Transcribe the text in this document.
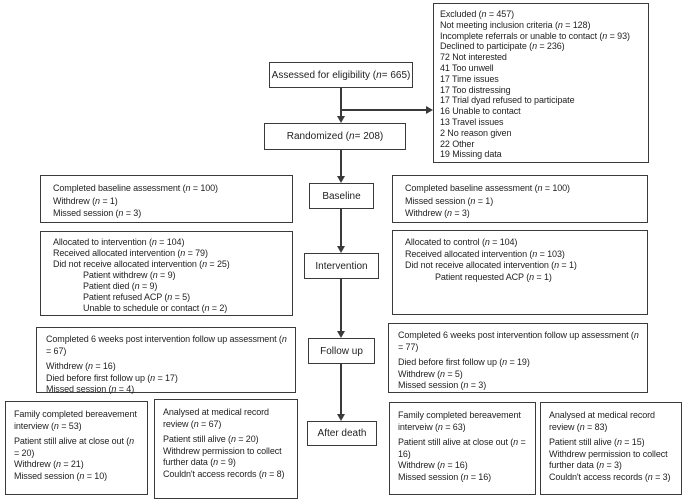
Assessed for eligibility ( n = 665)
Randomized ( n = 208)
Baseline
Intervention
Follow up
After death
Excluded (n = 457)
Not meeting inclusion criteria (n = 128)
Incomplete referrals or unable to contact (n = 93)
Declined to participate (n = 236)
72 Not interested
41 Too unwell
17 Time issues
17 Too distressing
17 Trial dyad refused to participate
16 Unable to contact
13 Travel issues
2 No reason given
22 Other
19 Missing data
Completed baseline assessment (n = 100)
Withdrew (n = 1)
Missed session (n = 3)
Completed baseline assessment (n = 100)
Missed session (n = 1)
Withdrew (n = 3)
Allocated to intervention (n = 104)
Received allocated intervention (n = 79)
Did not receive allocated intervention (n = 25)
Patient withdrew (n = 9)
Patient died (n = 9)
Patient refused ACP (n = 5)
Unable to schedule or contact (n = 2)
Allocated to control (n = 104)
Received allocated intervention (n = 103)
Did not receive allocated intervention (n = 1)
Patient requested ACP (n = 1)
Completed 6 weeks post intervention follow up assessment (n = 67)
Withdrew (n = 16)
Died before first follow up (n = 17)
Missed session (n = 4)
Completed 6 weeks post intervention follow up assessment (n = 77)
Died before first follow up (n = 19)
Withdrew (n = 5)
Missed session (n = 3)
Family completed bereavement interview (n = 53)
Patient still alive at close out (n = 20)
Withdrew (n = 21)
Missed session (n = 10)
Analysed at medical record review (n = 67)
Patient still alive (n = 20)
Withdrew permission to collect further data (n = 9)
Couldn't access records (n = 8)
Family completed bereavement interveiw (n = 63)
Patient still alive at close out (n = 16)
Withdrew (n = 16)
Missed session (n = 16)
Analysed at medical record review (n = 83)
Patient still alive (n = 15)
Withdrew permission to collect further data (n = 3)
Couldn't access records (n = 3)
